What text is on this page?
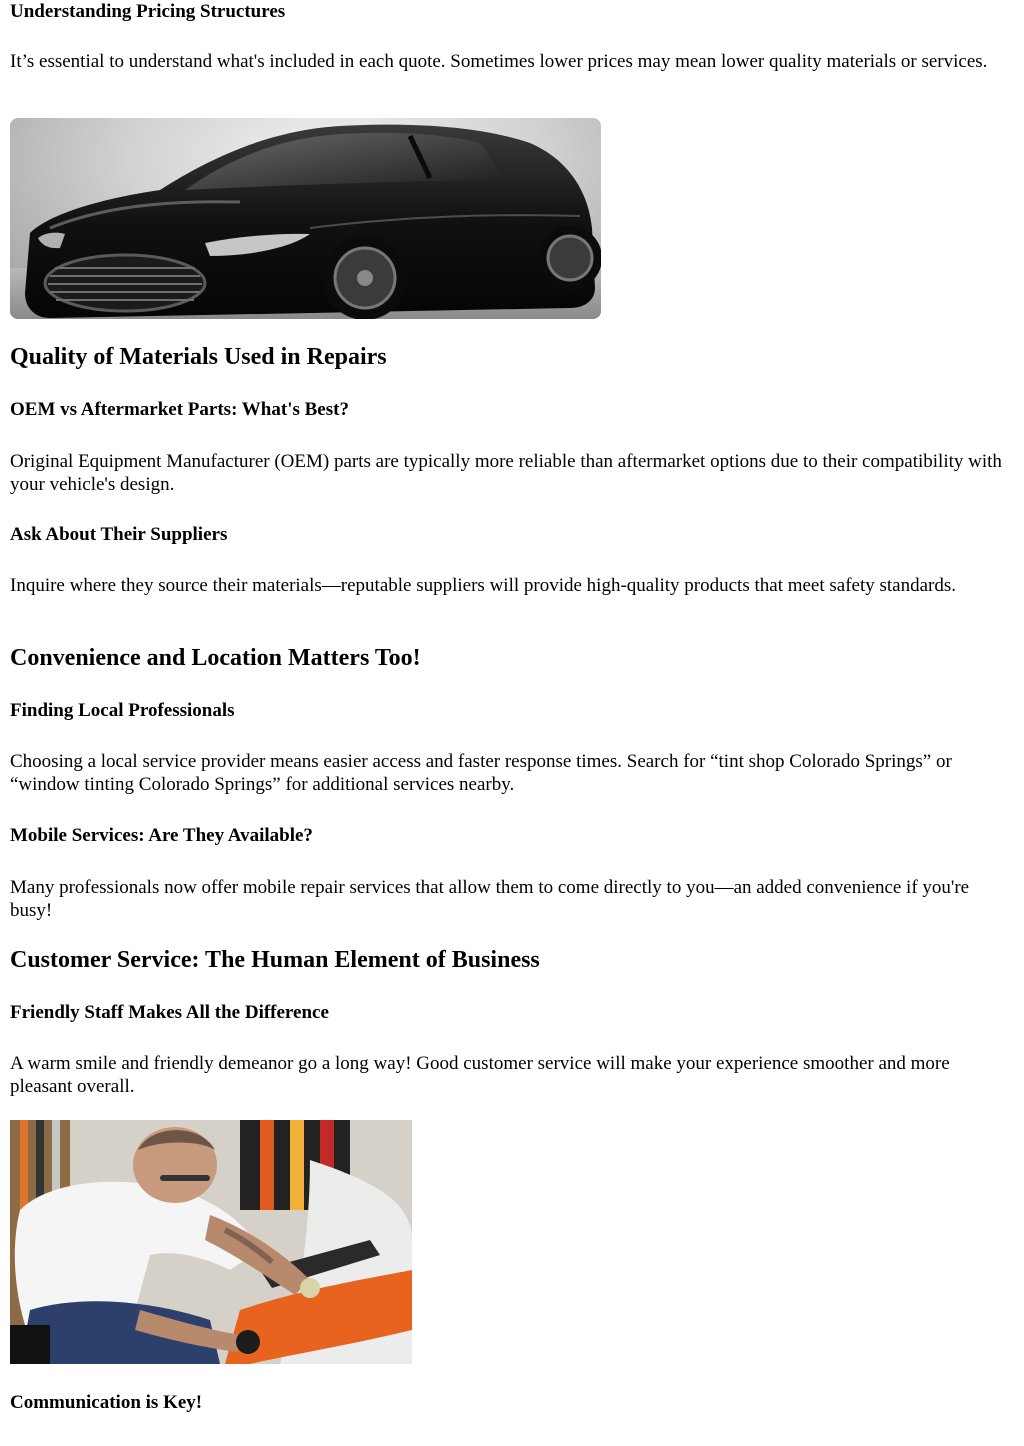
Understanding Pricing Structures

It’s essential to understand what's included in each quote. Sometimes lower prices may mean lower quality materials or services.

Quality of Materials Used in Repairs
OEM vs Aftermarket Parts: What's Best?

Original Equipment Manufacturer (OEM) parts are typically more reliable than aftermarket options due to their compatibility with your vehicle's design.

Ask About Their Suppliers

Inquire where they source their materials—reputable suppliers will provide high-quality products that meet safety standards.

Convenience and Location Matters Too!
Finding Local Professionals

Choosing a local service provider means easier access and faster response times. Search for “tint shop Colorado Springs” or “window tinting Colorado Springs” for additional services nearby.

Mobile Services: Are They Available?

Many professionals now offer mobile repair services that allow them to come directly to you—an added convenience if you're busy!

Customer Service: The Human Element of Business
Friendly Staff Makes All the Difference

A warm smile and friendly demeanor go a long way! Good customer service will make your experience smoother and more pleasant overall.

Communication is Key!
